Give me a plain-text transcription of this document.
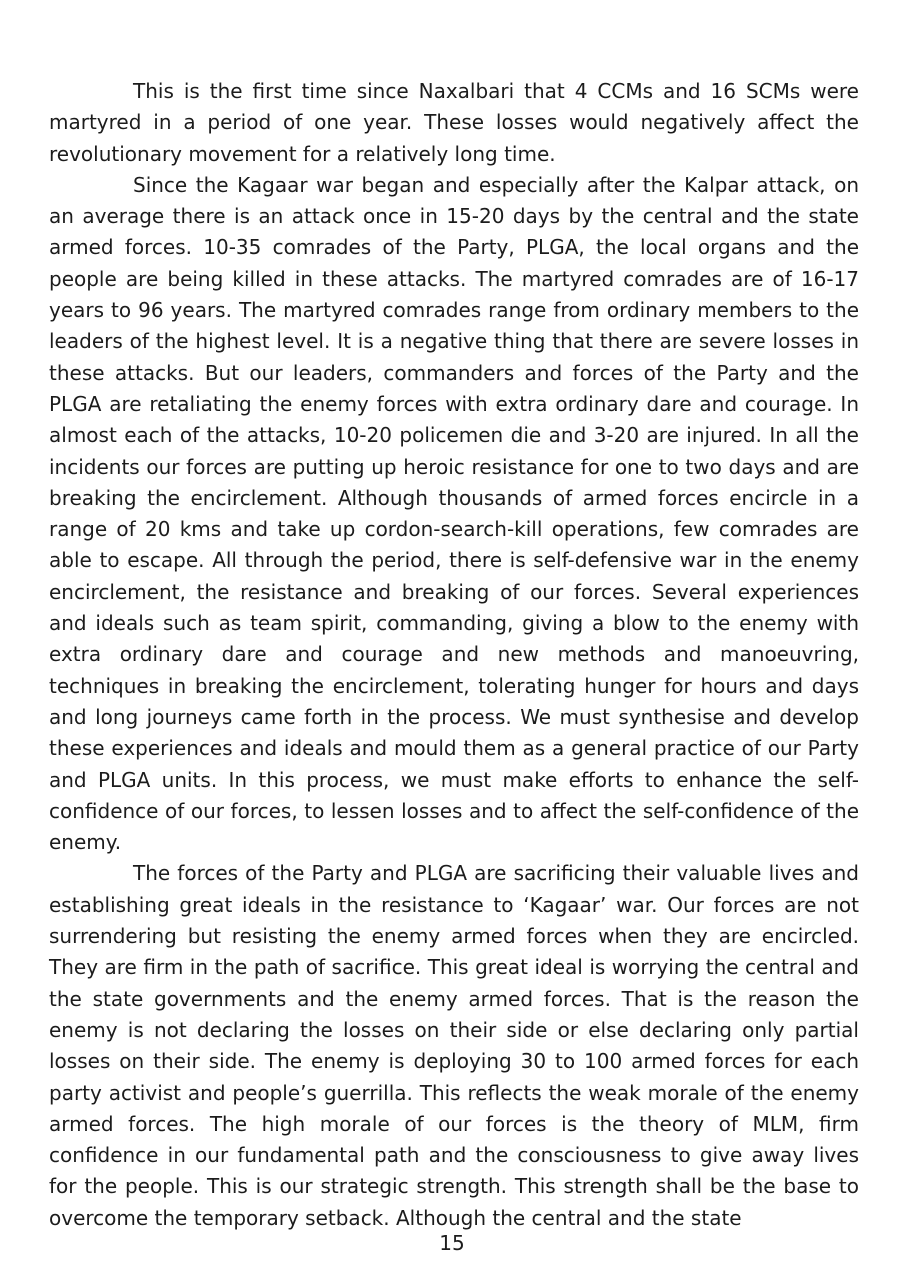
This is the first time since Naxalbari that 4 CCMs and 16 SCMs were martyred in a period of one year. These losses would negatively affect the revolutionary movement for a relatively long time.

Since the Kagaar war began and especially after the Kalpar attack, on an average there is an attack once in 15-20 days by the central and the state armed forces. 10-35 comrades of the Party, PLGA, the local organs and the people are being killed in these attacks. The martyred comrades are of 16-17 years to 96 years. The martyred comrades range from ordinary members to the leaders of the highest level. It is a negative thing that there are severe losses in these attacks. But our leaders, commanders and forces of the Party and the PLGA are retaliating the enemy forces with extra ordinary dare and courage. In almost each of the attacks, 10-20 policemen die and 3-20 are injured. In all the incidents our forces are putting up heroic resistance for one to two days and are breaking the encirclement. Although thousands of armed forces encircle in a range of 20 kms and take up cordon-search-kill operations, few comrades are able to escape. All through the period, there is self-defensive war in the enemy encirclement, the resistance and breaking of our forces. Several experiences and ideals such as team spirit, commanding, giving a blow to the enemy with extra ordinary dare and courage and new methods and manoeuvring, techniques in breaking the encirclement, tolerating hunger for hours and days and long journeys came forth in the process. We must synthesise and develop these experiences and ideals and mould them as a general practice of our Party and PLGA units. In this process, we must make efforts to enhance the self-confidence of our forces, to lessen losses and to affect the self-confidence of the enemy.

The forces of the Party and PLGA are sacrificing their valuable lives and establishing great ideals in the resistance to ‘Kagaar’ war. Our forces are not surrendering but resisting the enemy armed forces when they are encircled. They are firm in the path of sacrifice. This great ideal is worrying the central and the state governments and the enemy armed forces. That is the reason the enemy is not declaring the losses on their side or else declaring only partial losses on their side. The enemy is deploying 30 to 100 armed forces for each party activist and people’s guerrilla. This reflects the weak morale of the enemy armed forces. The high morale of our forces is the theory of MLM, firm confidence in our fundamental path and the consciousness to give away lives for the people. This is our strategic strength. This strength shall be the base to overcome the temporary setback. Although the central and the state

15
